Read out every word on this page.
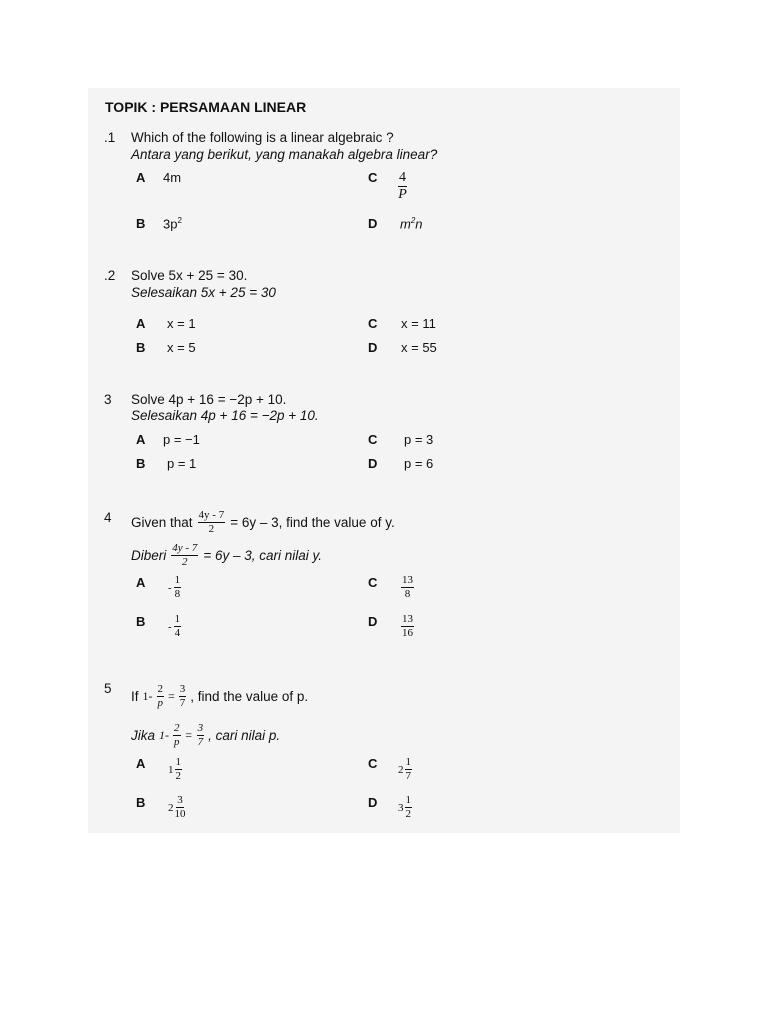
TOPIK : PERSAMAAN LINEAR
.1 Which of the following is a linear algebraic ?
Antara yang berikut, yang manakah algebra linear?
A 4m	C $\frac{4}{P}$
B $3p^2$	D $m^2n$
.2 Solve 5x + 25 = 30.
Selesaikan 5x + 25 = 30
A x = 1	C x = 11
B x = 5	D x = 55
3 Solve 4p + 16 = −2p + 10.
Selesaikan 4p + 16 = −2p + 10.
A p = −1	C p = 3
B p = 1	D p = 6
4 Given that $\frac{4y - 7}{2} = 6y - 3$, find the value of y.
Diberi $\frac{4y - 7}{2} = 6y - 3$, cari nilai y.
A - $\frac{1}{8}$	C $\frac{13}{8}$
B - $\frac{1}{4}$	D $\frac{13}{16}$
5
If $1- \frac{2}{p} = \frac{3}{7}$ , find the value of p.
Jika $1- \frac{2}{p} = \frac{3}{7}$ , cari nilai p.
A $1 \frac{1}{2}$	C $2 \frac{1}{7}$
B $2 \frac{3}{10}$	D $3 \frac{1}{2}$
